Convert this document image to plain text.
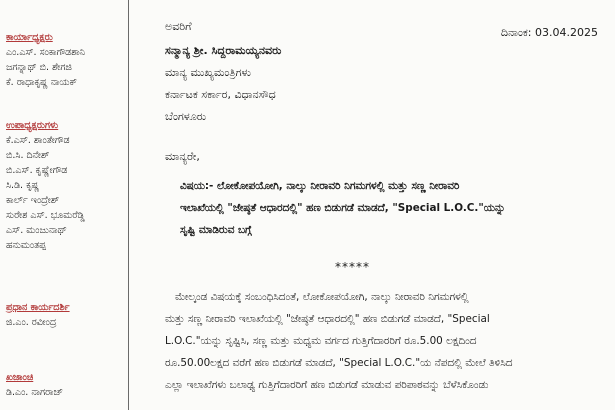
ಕಾರ್ಯಾಧ್ಯಕ್ಷರು
ಎಂ.ಎಸ್. ಸಂಕಾಗೌಡಶಾನಿ
ಜಗನ್ನಾಥ್ ಬಿ. ಶೇಗಜಿ
ಕೆ. ರಾಧಾಕೃಷ್ಣ ನಾಯಕ್
ಉಪಾಧ್ಯಕ್ಷರುಗಳು
ಕೆ.ಎಸ್. ಶಾಂತೇಗೌಡ
ಬಿ.ಸಿ. ದಿನೇಶ್
ಬಿ.ಎಸ್. ಕೃಷ್ಣೇಗೌಡ
ಸಿ.ಡಿ. ಕೃಷ್ಣ
ಕಾರ್ಲ್ ಇಂದ್ರೇಶ್
ಸುರೇಶ ಎಸ್. ಭೂಮರೆಡ್ಡಿ
ಎಸ್. ಮಂಜುನಾಥ್
ಹನುಮಂತಪ್ಪ
ಪ್ರಧಾನ ಕಾರ್ಯದರ್ಶಿ
ಜಿ.ಎಂ. ರವೀಂದ್ರ
ಖಜಾಂಚಿ
ಡಿ.ಎಂ. ನಾಗರಾಜ್
ಅವರಿಗೆ	ದಿನಾಂಕ: 03.04.2025
ಸನ್ಮಾನ್ಯ ಶ್ರೀ. ಸಿದ್ದರಾಮಯ್ಯನವರು
ಮಾನ್ಯ ಮುಖ್ಯಮಂತ್ರಿಗಳು
ಕರ್ನಾಟಕ ಸರ್ಕಾರ, ವಿಧಾನಸೌಧ
ಬೆಂಗಳೂರು
ಮಾನ್ಯರೇ,
ವಿಷಯ:- ಲೋಕೋಪಯೋಗಿ, ನಾಲ್ಕು ನೀರಾವರಿ ನಿಗಮಗಳಲ್ಲಿ ಮತ್ತು ಸಣ್ಣ ನೀರಾವರಿ
ಇಲಾಖೆಯಲ್ಲಿ "ಜೇಷ್ಠತೆ ಆಧಾರದಲ್ಲಿ" ಹಣ ಬಿಡುಗಡೆ ಮಾಡದೆ, "Special L.O.C."ಯನ್ನು
ಸೃಷ್ಟಿ ಮಾಡಿರುವ ಬಗ್ಗೆ
*****
ಮೇಲ್ಕಂಡ ವಿಷಯಕ್ಕೆ ಸಂಬಂಧಿಸಿದಂತೆ, ಲೋಕೋಪಯೋಗಿ, ನಾಲ್ಕು ನೀರಾವರಿ ನಿಗಮಗಳಲ್ಲಿ
ಮತ್ತು ಸಣ್ಣ ನೀರಾವರಿ ಇಲಾಖೆಯಲ್ಲಿ "ಜೇಷ್ಠತೆ ಆಧಾರದಲ್ಲಿ" ಹಣ ಬಿಡುಗಡೆ ಮಾಡದೆ, "Special
L.O.C."ಯನ್ನು ಸೃಷ್ಟಿಸಿ, ಸಣ್ಣ ಮತ್ತು ಮಧ್ಯಮ ವರ್ಗದ ಗುತ್ತಿಗೆದಾರರಿಗೆ ರೂ.5.00 ಲಕ್ಷದಿಂದ
ರೂ.50.00ಲಕ್ಷದ ವರೆಗೆ ಹಣ ಬಿಡುಗಡೆ ಮಾಡದೆ, "Special L.O.C."ಯ ನೆಪದಲ್ಲಿ ಮೇಲೆ ತಿಳಿಸಿದ
ಎಲ್ಲಾ ಇಲಾಖೆಗಳು ಬಲಾಢ್ಯ ಗುತ್ತಿಗೆದಾರರಿಗೆ ಹಣ ಬಿಡುಗಡೆ ಮಾಡುವ ಪರಿಪಾಠವನ್ನು ಬೆಳೆಸಿಕೊಂಡು
